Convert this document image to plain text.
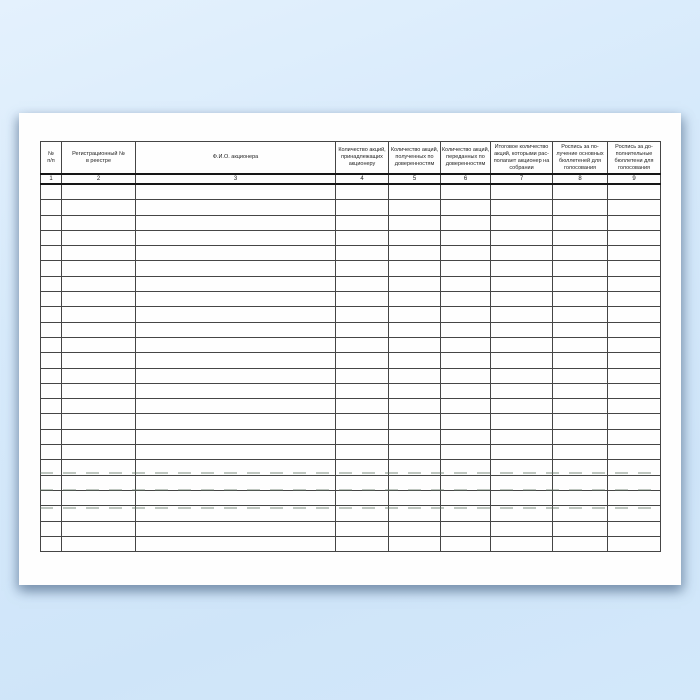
№
п/п

Регистрационный №
в реестре

Ф.И.О. акционера

Количество акций,
принадлежащих
акционеру

Количество акций,
полученных по
доверенностям

Количество акций,
переданных по
доверенностям

Итоговое количество
акций, которыми рас-
полагает акционер на
собрании

Роспись за по-
лучение основных
бюллетеней для
голосования

Роспись за до-
полнительные
бюллетени для
голосования

1	2	3	4	5	6	7	8	9
